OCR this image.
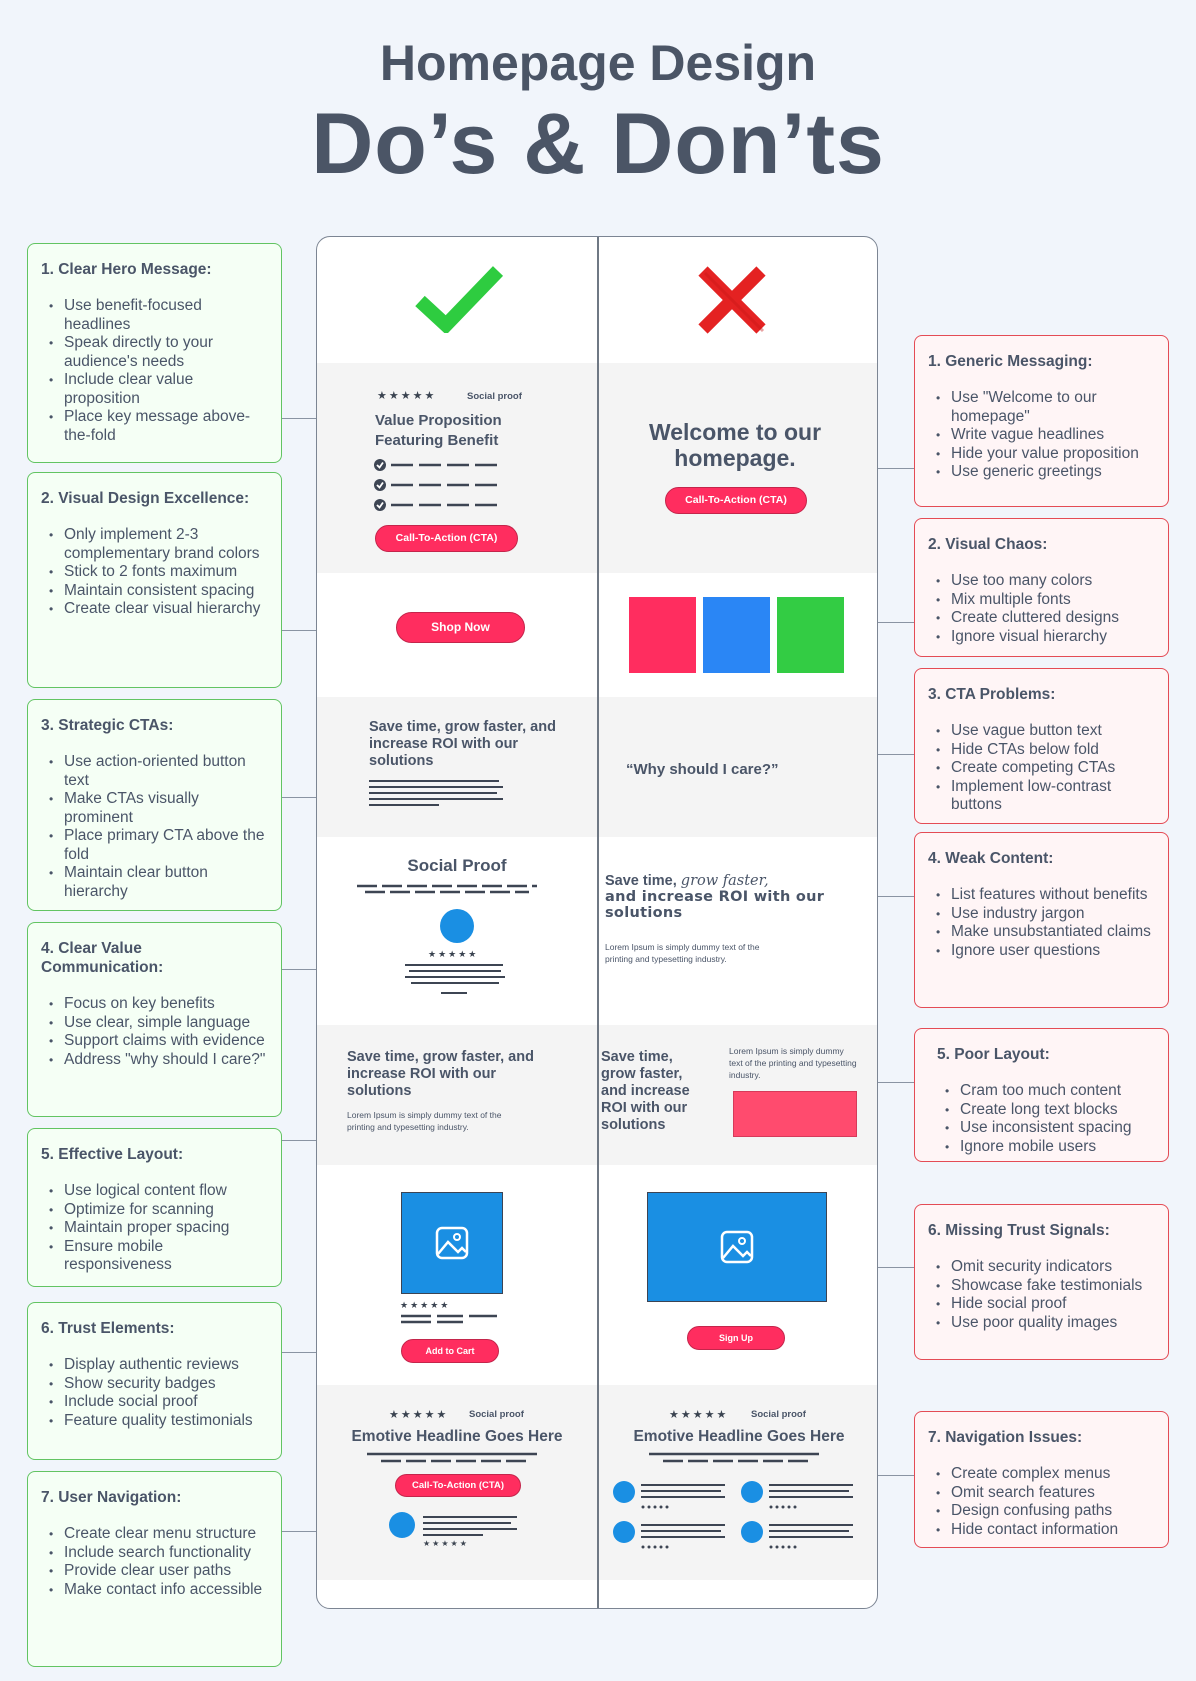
Homepage Design
Do’s & Don’ts
1. Clear Hero Message:
• Use benefit-focused headlines
• Speak directly to your audience's needs
• Include clear value proposition
• Place key message above-the-fold
2. Visual Design Excellence:
• Only implement 2-3 complementary brand colors
• Stick to 2 fonts maximum
• Maintain consistent spacing
• Create clear visual hierarchy
3. Strategic CTAs:
• Use action-oriented button text
• Make CTAs visually prominent
• Place primary CTA above the fold
• Maintain clear button hierarchy
4. Clear Value Communication:
• Focus on key benefits
• Use clear, simple language
• Support claims with evidence
• Address "why should I care?"
5. Effective Layout:
• Use logical content flow
• Optimize for scanning
• Maintain proper spacing
• Ensure mobile responsiveness
6. Trust Elements:
• Display authentic reviews
• Show security badges
• Include social proof
• Feature quality testimonials
7. User Navigation:
• Create clear menu structure
• Include search functionality
• Provide clear user paths
• Make contact info accessible
1. Generic Messaging:
• Use "Welcome to our homepage"
• Write vague headlines
• Hide your value proposition
• Use generic greetings
2. Visual Chaos:
• Use too many colors
• Mix multiple fonts
• Create cluttered designs
• Ignore visual hierarchy
3. CTA Problems:
• Use vague button text
• Hide CTAs below fold
• Create competing CTAs
• Implement low-contrast buttons
4. Weak Content:
• List features without benefits
• Use industry jargon
• Make unsubstantiated claims
• Ignore user questions
5. Poor Layout:
• Cram too much content
• Create long text blocks
• Use inconsistent spacing
• Ignore mobile users
6. Missing Trust Signals:
• Omit security indicators
• Showcase fake testimonials
• Hide social proof
• Use poor quality images
7. Navigation Issues:
• Create complex menus
• Omit search features
• Design confusing paths
• Hide contact information
★★★★★	Social proof
Value Proposition Featuring Benefit
Call-To-Action (CTA)
Welcome to our homepage.
Call-To-Action (CTA)
Shop Now
Save time, grow faster, and increase ROI with our solutions	“Why should I care?”
Social Proof
★★★★★
Save time, grow faster,
and increase ROI with our solutions
Lorem Ipsum is simply dummy text of the printing and typesetting industry.
Save time, grow faster, and increase ROI with our solutions
Lorem Ipsum is simply dummy text of the printing and typesetting industry.
Save time, grow faster, and increase ROI with our solutions
Lorem Ipsum is simply dummy text of the printing and typesetting industry.
★★★★★
Add to Cart
Sign Up
★★★★★ Social proof
Emotive Headline Goes Here
Call-To-Action (CTA)
★★★★★
★★★★★ Social proof
Emotive Headline Goes Here
